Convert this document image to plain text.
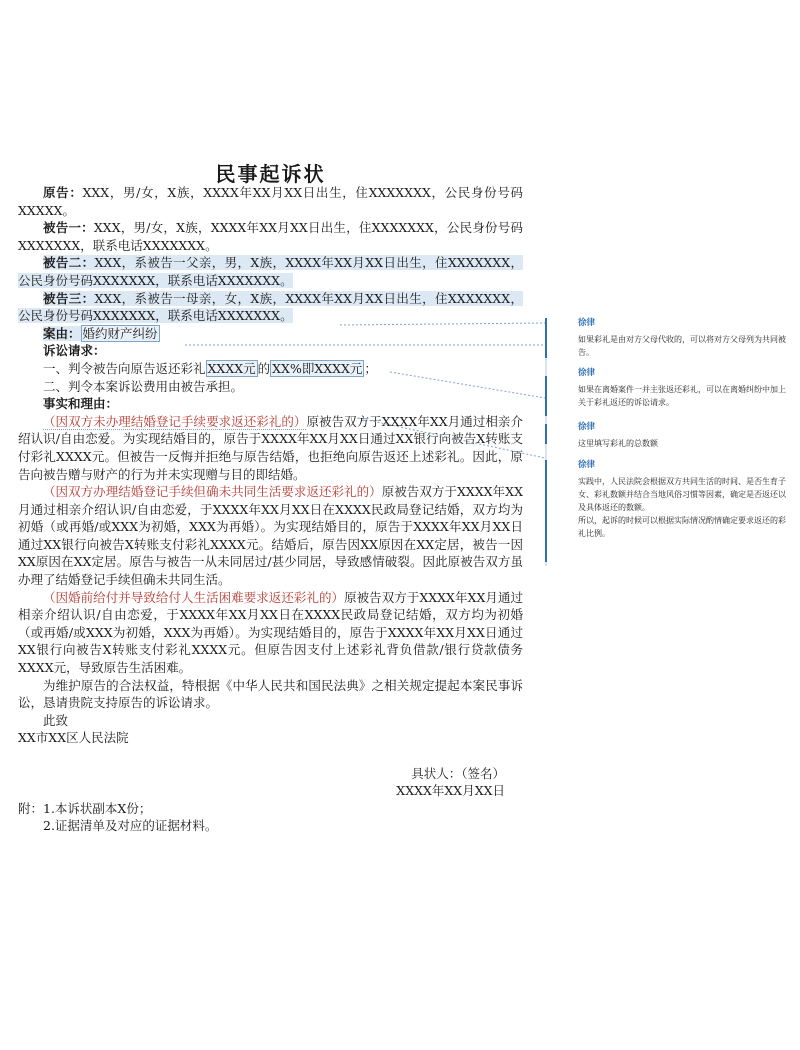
民事起诉状

原告：XXX，男/女，X族，XXXX年XX月XX日出生，住XXXXXXX，公民身份号码XXXXX。

被告一：XXX，男/女，X族，XXXX年XX月XX日出生，住XXXXXXX，公民身份号码XXXXXXX，联系电话XXXXXXX。

被告二：XXX，系被告一父亲，男，X族，XXXX年XX月XX日出生，住XXXXXXX，公民身份号码XXXXXXX，联系电话XXXXXXX。

被告三：XXX，系被告一母亲，女，X族，XXXX年XX月XX日出生，住XXXXXXX，公民身份号码XXXXXXX，联系电话XXXXXXX。

案由： 婚约财产纠纷

诉讼请求：

一、判令被告向原告返还彩礼 XXXX元 的 XX%即XXXX元 ；

二、判令本案诉讼费用由被告承担。

事实和理由：

（因双方未办理结婚登记手续要求返还彩礼的）原被告双方于XXXX年XX月通过相亲介绍认识/自由恋爱。为实现结婚目的，原告于XXXX年XX月XX日通过XX银行向被告X转账支付彩礼XXXX元。但被告一反悔并拒绝与原告结婚，也拒绝向原告返还上述彩礼。因此，原告向被告赠与财产的行为并未实现赠与目的即结婚。

（因双方办理结婚登记手续但确未共同生活要求返还彩礼的）原被告双方于XXXX年XX月通过相亲介绍认识/自由恋爱，于XXXX年XX月XX日在XXXX民政局登记结婚，双方均为初婚（或再婚/或XXX为初婚，XXX为再婚）。为实现结婚目的，原告于XXXX年XX月XX日通过XX银行向被告X转账支付彩礼XXXX元。结婚后，原告因XX原因在XX定居，被告一因XX原因在XX定居。原告与被告一从未同居过/甚少同居，导致感情破裂。因此原被告双方虽办理了结婚登记手续但确未共同生活。

（因婚前给付并导致给付人生活困难要求返还彩礼的）原被告双方于XXXX年XX月通过相亲介绍认识/自由恋爱，于XXXX年XX月XX日在XXXX民政局登记结婚，双方均为初婚（或再婚/或XXX为初婚，XXX为再婚）。为实现结婚目的，原告于XXXX年XX月XX日通过XX银行向被告X转账支付彩礼XXXX元。但原告因支付上述彩礼背负借款/银行贷款债务XXXX元，导致原告生活困难。

为维护原告的合法权益，特根据《中华人民共和国民法典》之相关规定提起本案民事诉讼，恳请贵院支持原告的诉讼请求。

此致

XX市XX区人民法院

具状人：（签名）

XXXX年XX月XX日

附：1.本诉状副本X份；

2.证据清单及对应的证据材料。

徐律
如果彩礼是由对方父母代收的，可以将对方父母列为共同被告。
徐律
如果在离婚案件一并主张返还彩礼，可以在离婚纠纷中加上关于彩礼返还的诉讼请求。
徐律
这里填写彩礼的总数额
徐律
实践中，人民法院会根据双方共同生活的时间、是否生育子女、彩礼数额并结合当地风俗习惯等因素，确定是否返还以及具体返还的数额。
所以，起诉的时候可以根据实际情况酌情确定要求返还的彩礼比例。
